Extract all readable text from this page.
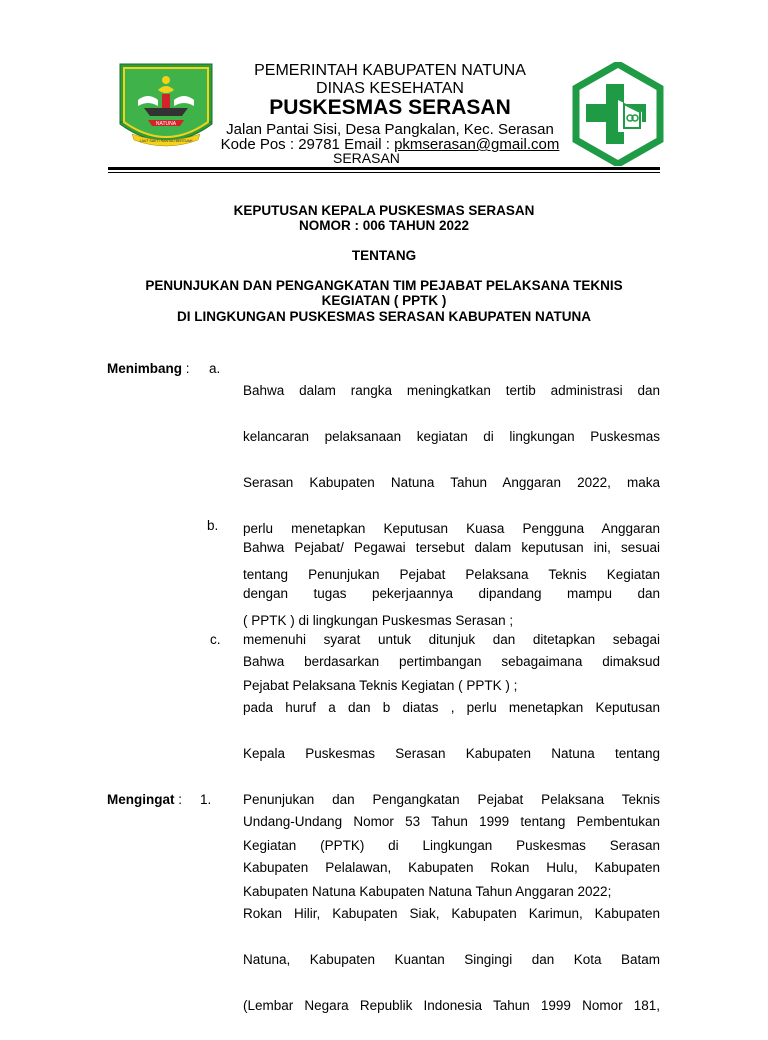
NATUNA
LAUT SAKTI RANTAU BERTUAH
PEMERINTAH KABUPATEN NATUNA
DINAS KESEHATAN
PUSKESMAS SERASAN
Jalan Pantai Sisi, Desa Pangkalan, Kec. Serasan
Kode Pos : 29781 Email : pkmserasan@gmail.com
SERASAN
KEPUTUSAN KEPALA PUSKESMAS SERASAN
NOMOR : 006 TAHUN 2022
TENTANG
PENUNJUKAN DAN PENGANGKATAN TIM PEJABAT PELAKSANA TEKNIS
KEGIATAN ( PPTK )
DI LINGKUNGAN PUSKESMAS SERASAN KABUPATEN NATUNA
Menimbang : a.

Bahwa dalam rangka meningkatkan tertib administrasi dan

kelancaran pelaksanaan kegiatan di lingkungan Puskesmas

Serasan Kabupaten Natuna Tahun Anggaran 2022, maka

perlu menetapkan Keputusan Kuasa Pengguna Anggaran

tentang Penunjukan Pejabat Pelaksana Teknis Kegiatan

( PPTK ) di lingkungan Puskesmas Serasan ;

b.

Bahwa Pejabat/ Pegawai tersebut dalam keputusan ini, sesuai

dengan tugas pekerjaannya dipandang mampu dan

memenuhi syarat untuk ditunjuk dan ditetapkan sebagai

Pejabat Pelaksana Teknis Kegiatan ( PPTK ) ;

c.

Bahwa berdasarkan pertimbangan sebagaimana dimaksud

pada huruf a dan b diatas , perlu menetapkan Keputusan

Kepala Puskesmas Serasan Kabupaten Natuna tentang

Penunjukan dan Pengangkatan Pejabat Pelaksana Teknis

Kegiatan (PPTK) di Lingkungan Puskesmas Serasan

Kabupaten Natuna Kabupaten Natuna Tahun Anggaran 2022;

Mengingat : 1.

Undang-Undang Nomor 53 Tahun 1999 tentang Pembentukan

Kabupaten Pelalawan, Kabupaten Rokan Hulu, Kabupaten

Rokan Hilir, Kabupaten Siak, Kabupaten Karimun, Kabupaten

Natuna, Kabupaten Kuantan Singingi dan Kota Batam

(Lembar Negara Republik Indonesia Tahun 1999 Nomor 181,
